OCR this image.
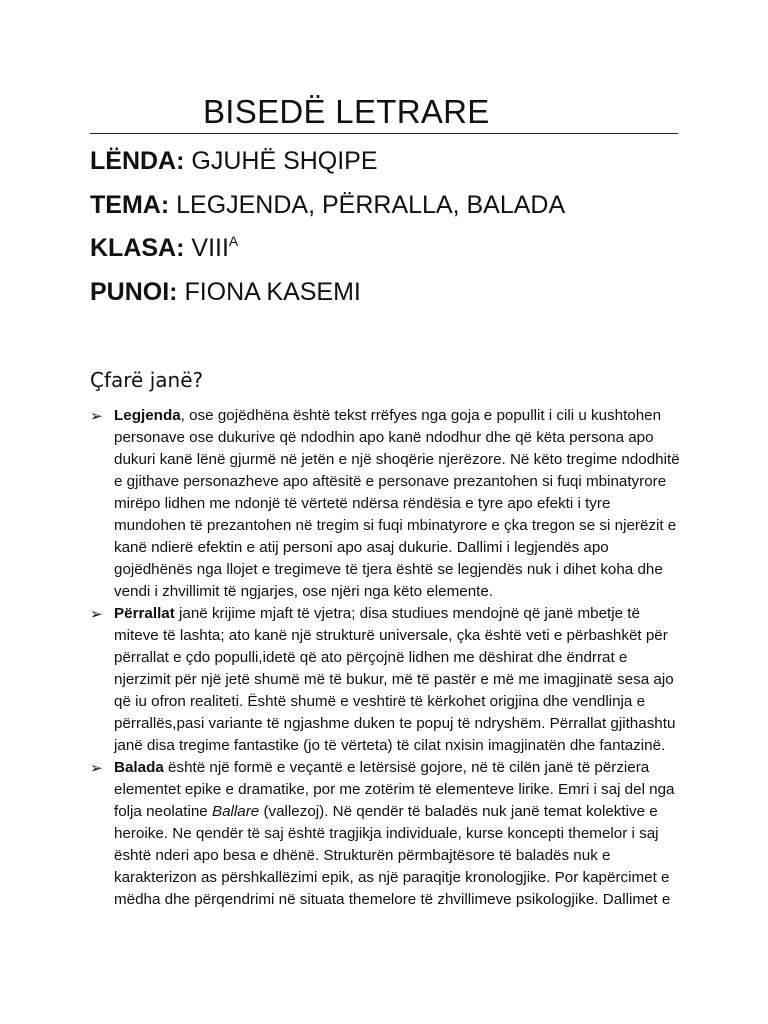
BISEDË LETRARE
LËNDA: GJUHË SHQIPE
TEMA: LEGJENDA, PËRRALLA, BALADA
KLASA: $VIII^A$
PUNOI: FIONA KASEMI
Çfarë janë?
➢ Legjenda, ose gojëdhëna është tekst rrëfyes nga goja e popullit i cili u kushtohen personave ose dukurive që ndodhin apo kanë ndodhur dhe që këta persona apo dukuri kanë lënë gjurmë në jetën e një shoqërie njerëzore. Në këto tregime ndodhitë e gjithave personazheve apo aftësitë e personave prezantohen si fuqi mbinatyrore mirëpo lidhen me ndonjë të vërtetë ndërsa rëndësia e tyre apo efekti i tyre mundohen të prezantohen në tregim si fuqi mbinatyrore e çka tregon se si njerëzit e kanë ndierë efektin e atij personi apo asaj dukurie. Dallimi i legjendës apo gojëdhënës nga llojet e tregimeve të tjera është se legjendës nuk i dihet koha dhe vendi i zhvillimit të ngjarjes, ose njëri nga këto elemente.
➢ Përrallat janë krijime mjaft të vjetra; disa studiues mendojnë që janë mbetje të miteve të lashta; ato kanë një strukturë universale, çka është veti e përbashkët për përrallat e çdo populli,idetë që ato përçojnë lidhen me dëshirat dhe ëndrrat e njerzimit për një jetë shumë më të bukur, më të pastër e më me imagjinatë sesa ajo që iu ofron realiteti. Është shumë e veshtirë të kërkohet origjina dhe vendlinja e përrallës,pasi variante të ngjashme duken te popuj të ndryshëm. Përrallat gjithashtu janë disa tregime fantastike (jo të vërteta) të cilat nxisin imagjinatën dhe fantazinë.
➢ Balada është një formë e veçantë e letërsisë gojore, në të cilën janë të përziera elementet epike e dramatike, por me zotërim të elementeve lirike. Emri i saj del nga folja neolatine Ballare (vallezoj). Në qendër të baladës nuk janë temat kolektive e heroike. Ne qendër të saj është tragjikja individuale, kurse koncepti themelor i saj është nderi apo besa e dhënë. Strukturën përmbajtësore të baladës nuk e karakterizon as përshkallëzimi epik, as një paraqitje kronologjike. Por kapërcimet e mëdha dhe përqendrimi në situata themelore të zhvillimeve psikologjike. Dallimet e
